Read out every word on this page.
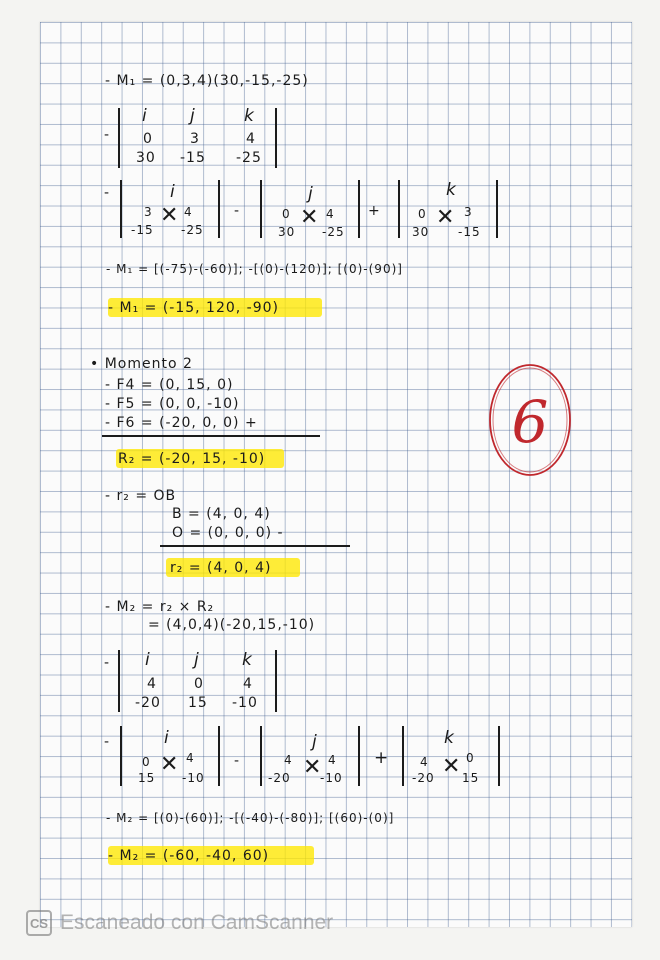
- M₁ = (0,3,4)(30,-15,-25)
-
i j	k
0	3	4
30 -15 -25
-	i
3	4
-15 -25
✕	-
j
0	4
30 -25
✕	+
k
0	3
30 -15
✕
- M₁ = [(-75)-(-60)]; -[(0)-(120)]; [(0)-(90)]
- M₁ = (-15, 120, -90)
• Momento 2
- F4 = (0, 15, 0)
- F5 = (0, 0, -10)
- F6 = (-20, 0, 0) +
R₂ = (-20, 15, -10)
- r₂ = OB
B = (4, 0, 4)
O = (0, 0, 0) -
r₂ = (4, 0, 4)
- M₂ = r₂ × R₂
= (4,0,4)(-20,15,-10)
- i	j k
4	0	4
-20 15 -10
-	i
0	4
15 -10
✕	-
j
4	4
-20 -10
✕	+
k
4	0
-20 15
✕
- M₂ = [(0)-(60)]; -[(-40)-(-80)]; [(60)-(0)]
- M₂ = (-60, -40, 60)
6
CS Escaneado con CamScanner
